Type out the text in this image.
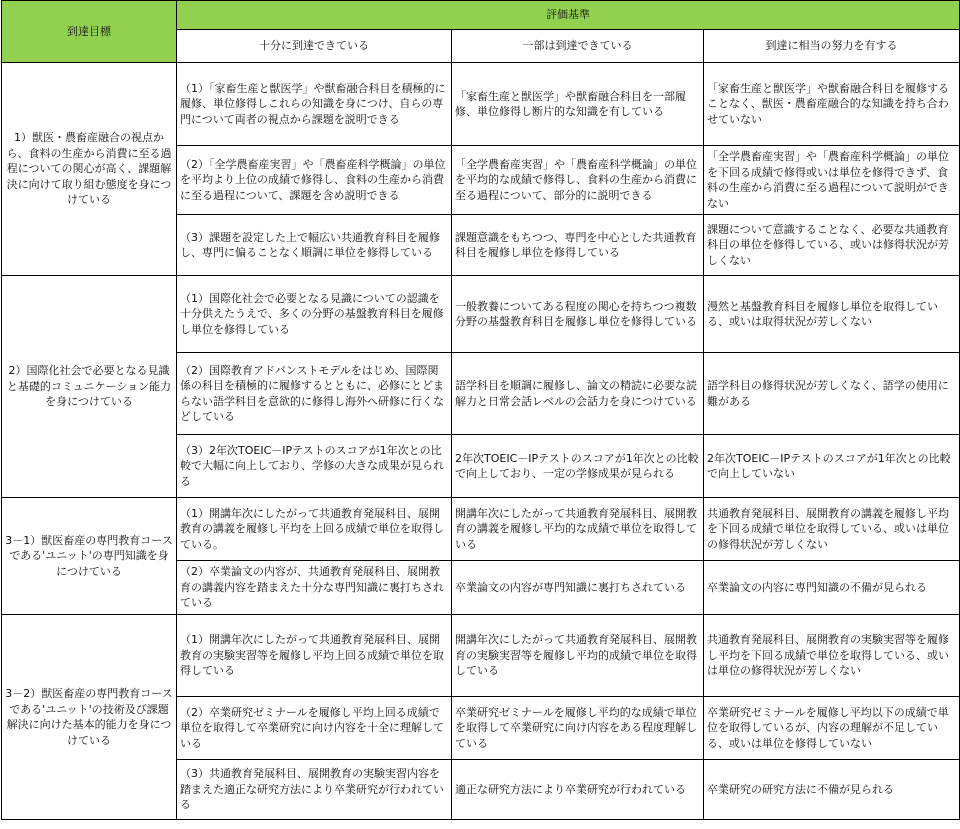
到達目標	評価基準		
	十分に到達できている	一部は到達できている	到達に相当の努力を有する
1）獣医・農畜産融合の視点から、食料の生産から消費に至る過程についての関心が高く、課題解決に向けて取り組む態度を身につけている	（1）「家畜生産と獣医学」や獣畜融合科目を積極的に履修、単位修得しこれらの知識を身につけ、自らの専門について両者の視点から課題を説明できる	「家畜生産と獣医学」や獣畜融合科目を一部履修、単位修得し断片的な知識を有している	「家畜生産と獣医学」や獣畜融合科目を履修することなく、獣医・農畜産融合的な知識を持ち合わせていない
	（2）「全学農畜産実習」や「農畜産科学概論」の単位を平均より上位の成績で修得し、食料の生産から消費に至る過程について、課題を含め説明できる	「全学農畜産実習」や「農畜産科学概論」の単位を平均的な成績で修得し、食料の生産から消費に至る過程について、部分的に説明できる	「全学農畜産実習」や「農畜産科学概論」の単位を下回る成績で修得或いは単位を修得できず、食料の生産から消費に至る過程について説明ができない
	（3）課題を設定した上で幅広い共通教育科目を履修し、専門に偏ることなく順調に単位を修得している	課題意識をもちつつ、専門を中心とした共通教育科目を履修し単位を修得している	課題について意識することなく、必要な共通教育科目の単位を修得している、或いは修得状況が芳しくない
2）国際化社会で必要となる見識と基礎的コミュニケーション能力を身につけている	（1）国際化社会で必要となる見識についての認識を十分供えたうえで、多くの分野の基盤教育科目を履修し単位を修得している	一般教養についてある程度の関心を持ちつつ複数分野の基盤教育科目を履修し単位を修得している	漫然と基盤教育科目を履修し単位を取得している、或いは取得状況が芳しくない
	（2）国際教育アドバンストモデルをはじめ、国際関係の科目を積極的に履修するとともに、必修にとどまらない語学科目を意欲的に修得し海外へ研修に行くなどしている	語学科目を順調に履修し、論文の精読に必要な読解力と日常会話レベルの会話力を身につけている	語学科目の修得状況が芳しくなく、語学の使用に難がある
	（3）2年次TOEIC－IPテストのスコアが1年次との比較で大幅に向上しており、学修の大きな成果が見られる	2年次TOEIC－IPテストのスコアが1年次との比較で向上しており、一定の学修成果が見られる	2年次TOEIC－IPテストのスコアが1年次との比較で向上していない
3－1）獣医畜産の専門教育コースである'ユニット'の専門知識を身につけている	（1）開講年次にしたがって共通教育発展科目、展開教育の講義を履修し平均を上回る成績で単位を取得している。	開講年次にしたがって共通教育発展科目、展開教育の講義を履修し平均的な成績で単位を取得している	共通教育発展科目、展開教育の講義を履修し平均を下回る成績で単位を取得している、或いは単位の修得状況が芳しくない
	（2）卒業論文の内容が、共通教育発展科目、展開教育の講義内容を踏まえた十分な専門知識に裏打ちされている	卒業論文の内容が専門知識に裏打ちされている	卒業論文の内容に専門知識の不備が見られる
3－2）獣医畜産の専門教育コースである'ユニット'の技術及び課題解決に向けた基本的能力を身につけている	（1）開講年次にしたがって共通教育発展科目、展開教育の実験実習等を履修し平均上回る成績で単位を取得している	開講年次にしたがって共通教育発展科目、展開教育の実験実習等を履修し平均的成績で単位を取得している	共通教育発展科目、展開教育の実験実習等を履修し平均を下回る成績で単位を取得している、或いは単位の修得状況が芳しくない
	（2）卒業研究ゼミナールを履修し平均上回る成績で単位を取得して卒業研究に向け内容を十全に理解している	卒業研究ゼミナールを履修し平均的な成績で単位を取得して卒業研究に向け内容をある程度理解している	卒業研究ゼミナールを履修し平均以下の成績で単位を取得しているが、内容の理解が不足している、或いは単位を修得していない
	（3）共通教育発展科目、展開教育の実験実習内容を踏まえた適正な研究方法により卒業研究が行われている	適正な研究方法により卒業研究が行われている	卒業研究の研究方法に不備が見られる
